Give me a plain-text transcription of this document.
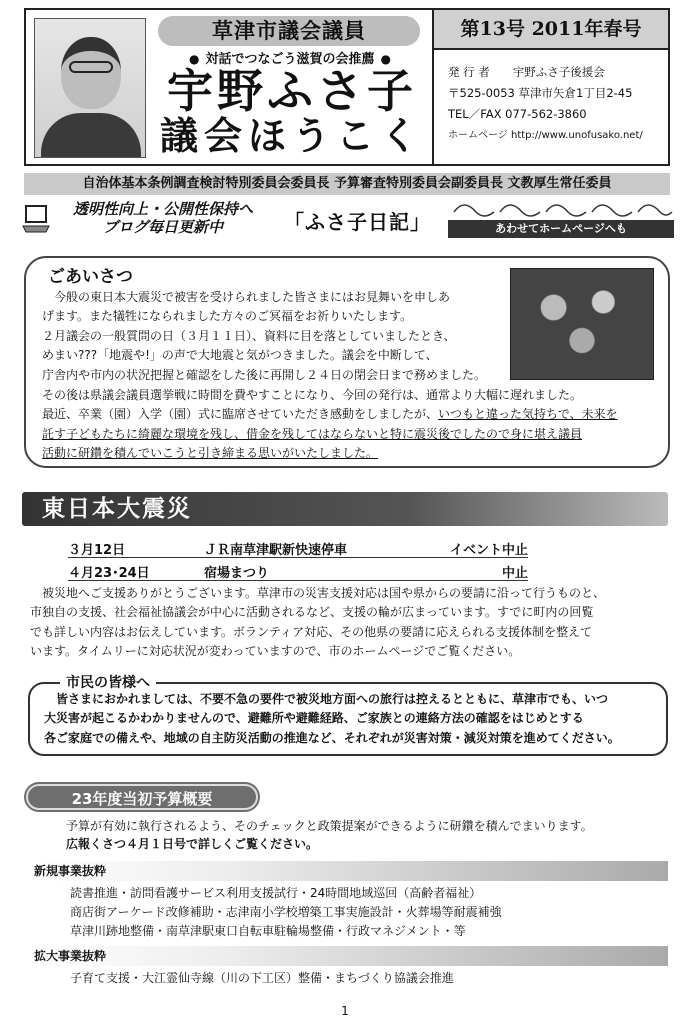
草津市議会議員
● 対話でつなごう滋賀の会推薦 ●
宇野ふさ子
議会ほうこく
第13号 2011年春号
発 行 者　　 宇野ふさ子後援会
〒525-0053 草津市矢倉1丁目2-45
TEL／FAX 077-562-3860
ホームページ http://www.unofusako.net/
自治体基本条例調査検討特別委員会委員長 予算審査特別委員会副委員長 文教厚生常任委員
透明性向上・公開性保持へ
ブログ毎日更新中	「ふさ子日記」	あわせてホームページへも
ごあいさつ
　今般の東日本大震災で被害を受けられました皆さまにはお見舞いを申しあ
げます。また犠牲になられました方々のご冥福をお祈りいたします。
２月議会の一般質問の日（３月１１日）、資料に目を落としていましたとき、
めまい???「地震や!」の声で大地震と気がつきました。議会を中断して、
庁舎内や市内の状況把握と確認をした後に再開し２４日の閉会日まで務めました。
その後は県議会議員選挙戦に時間を費やすことになり、今回の発行は、通常より大幅に遅れました。
最近、卒業（園）入学（園）式に臨席させていただき感動をしましたが、いつもと違った気持ちで、未来を
託す子どもたちに綺麗な環境を残し、借金を残してはならないと特に震災後でしたので身に堪え議員
活動に研鑽を積んでいこうと引き締まる思いがいたしました。
東日本大震災
３月12日	ＪＲ南草津駅新快速停車	イベント中止
４月23･24日	宿場まつり	中止
　被災地へご支援ありがとうございます。草津市の災害支援対応は国や県からの要請に沿って行うものと、
市独自の支援、社会福祉協議会が中心に活動されるなど、支援の輪が広まっています。すでに町内の回覧
でも詳しい内容はお伝えしています。ボランティア対応、その他県の要請に応えられる支援体制を整えて
います。タイムリーに対応状況が変わっていますので、市のホームページでご覧ください。
市民の皆様へ
　皆さまにおかれましては、不要不急の要件で被災地方面への旅行は控えるとともに、草津市でも、いつ
大災害が起こるかわかりませんので、避難所や避難経路、ご家族との連絡方法の確認をはじめとする
各ご家庭での備えや、地域の自主防災活動の推進など、それぞれが災害対策・減災対策を進めてください。
23年度当初予算概要
予算が有効に執行されるよう、そのチェックと政策提案ができるように研鑽を積んでまいります。
広報くさつ４月１日号で詳しくご覧ください。
新規事業抜粋
読書推進・訪問看護サービス利用支援試行・24時間地域巡回（高齢者福祉）
商店街アーケード改修補助・志津南小学校増築工事実施設計・火葬場等耐震補強
草津川跡地整備・南草津駅東口自転車駐輪場整備・行政マネジメント・等
拡大事業抜粋
子育て支援・大江霊仙寺線（川の下工区）整備・まちづくり協議会推進
1
